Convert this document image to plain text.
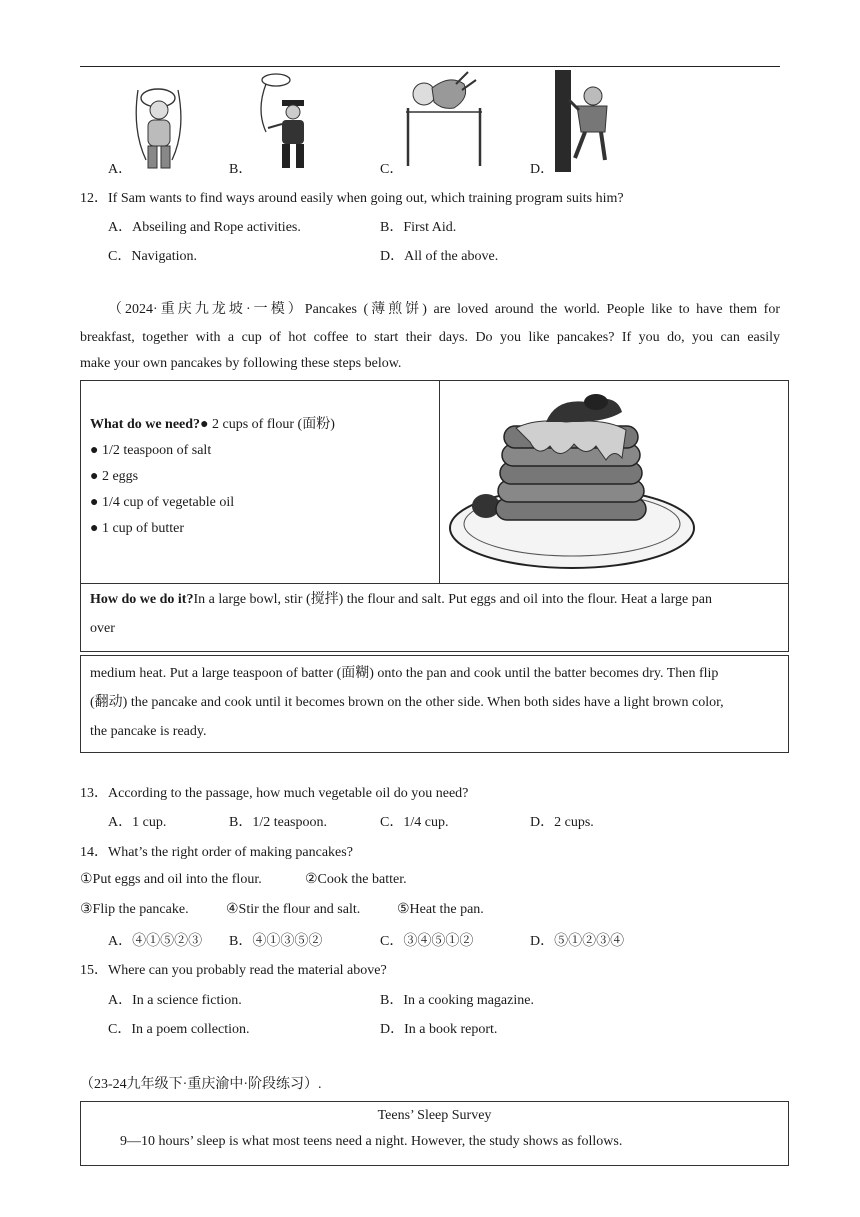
A．	B．	C．	D．
12．If Sam wants to find ways around easily when going out, which training program suits him?
A．Abseiling and Rope activities.	B．First Aid.
C．Navigation.	D．All of the above.
（2024·重庆九龙坡·一模）Pancakes (薄煎饼) are loved around the world. People like to have them for
breakfast, together with a cup of hot coffee to start their days. Do you like pancakes? If you do, you can easily
make your own pancakes by following these steps below.
What do we need?● 2 cups of flour (面粉)
● 1/2 teaspoon of salt
● 2 eggs
● 1/4 cup of vegetable oil
● 1 cup of butter
How do we do it?In a large bowl, stir (搅拌) the flour and salt. Put eggs and oil into the flour. Heat a large pan
over
medium heat. Put a large teaspoon of batter (面糊) onto the pan and cook until the batter becomes dry. Then flip
(翻动) the pancake and cook until it becomes brown on the other side. When both sides have a light brown color,
the pancake is ready.
13．According to the passage, how much vegetable oil do you need?
A．1 cup.	B．1/2 teaspoon.	C．1/4 cup.	D．2 cups.
14．What’s the right order of making pancakes?
①Put eggs and oil into the flour.	②Cook the batter.
③Flip the pancake.	④Stir the flour and salt.	⑤Heat the pan.
A．④①⑤②③ B．④①③⑤②	C．③④⑤①②	D．⑤①②③④
15．Where can you probably read the material above?
A．In a science fiction.	B．In a cooking magazine.
C．In a poem collection.	D．In a book report.
（23-24九年级下·重庆渝中·阶段练习）.
Teens’ Sleep Survey
9—10 hours’ sleep is what most teens need a night. However, the study shows as follows.
